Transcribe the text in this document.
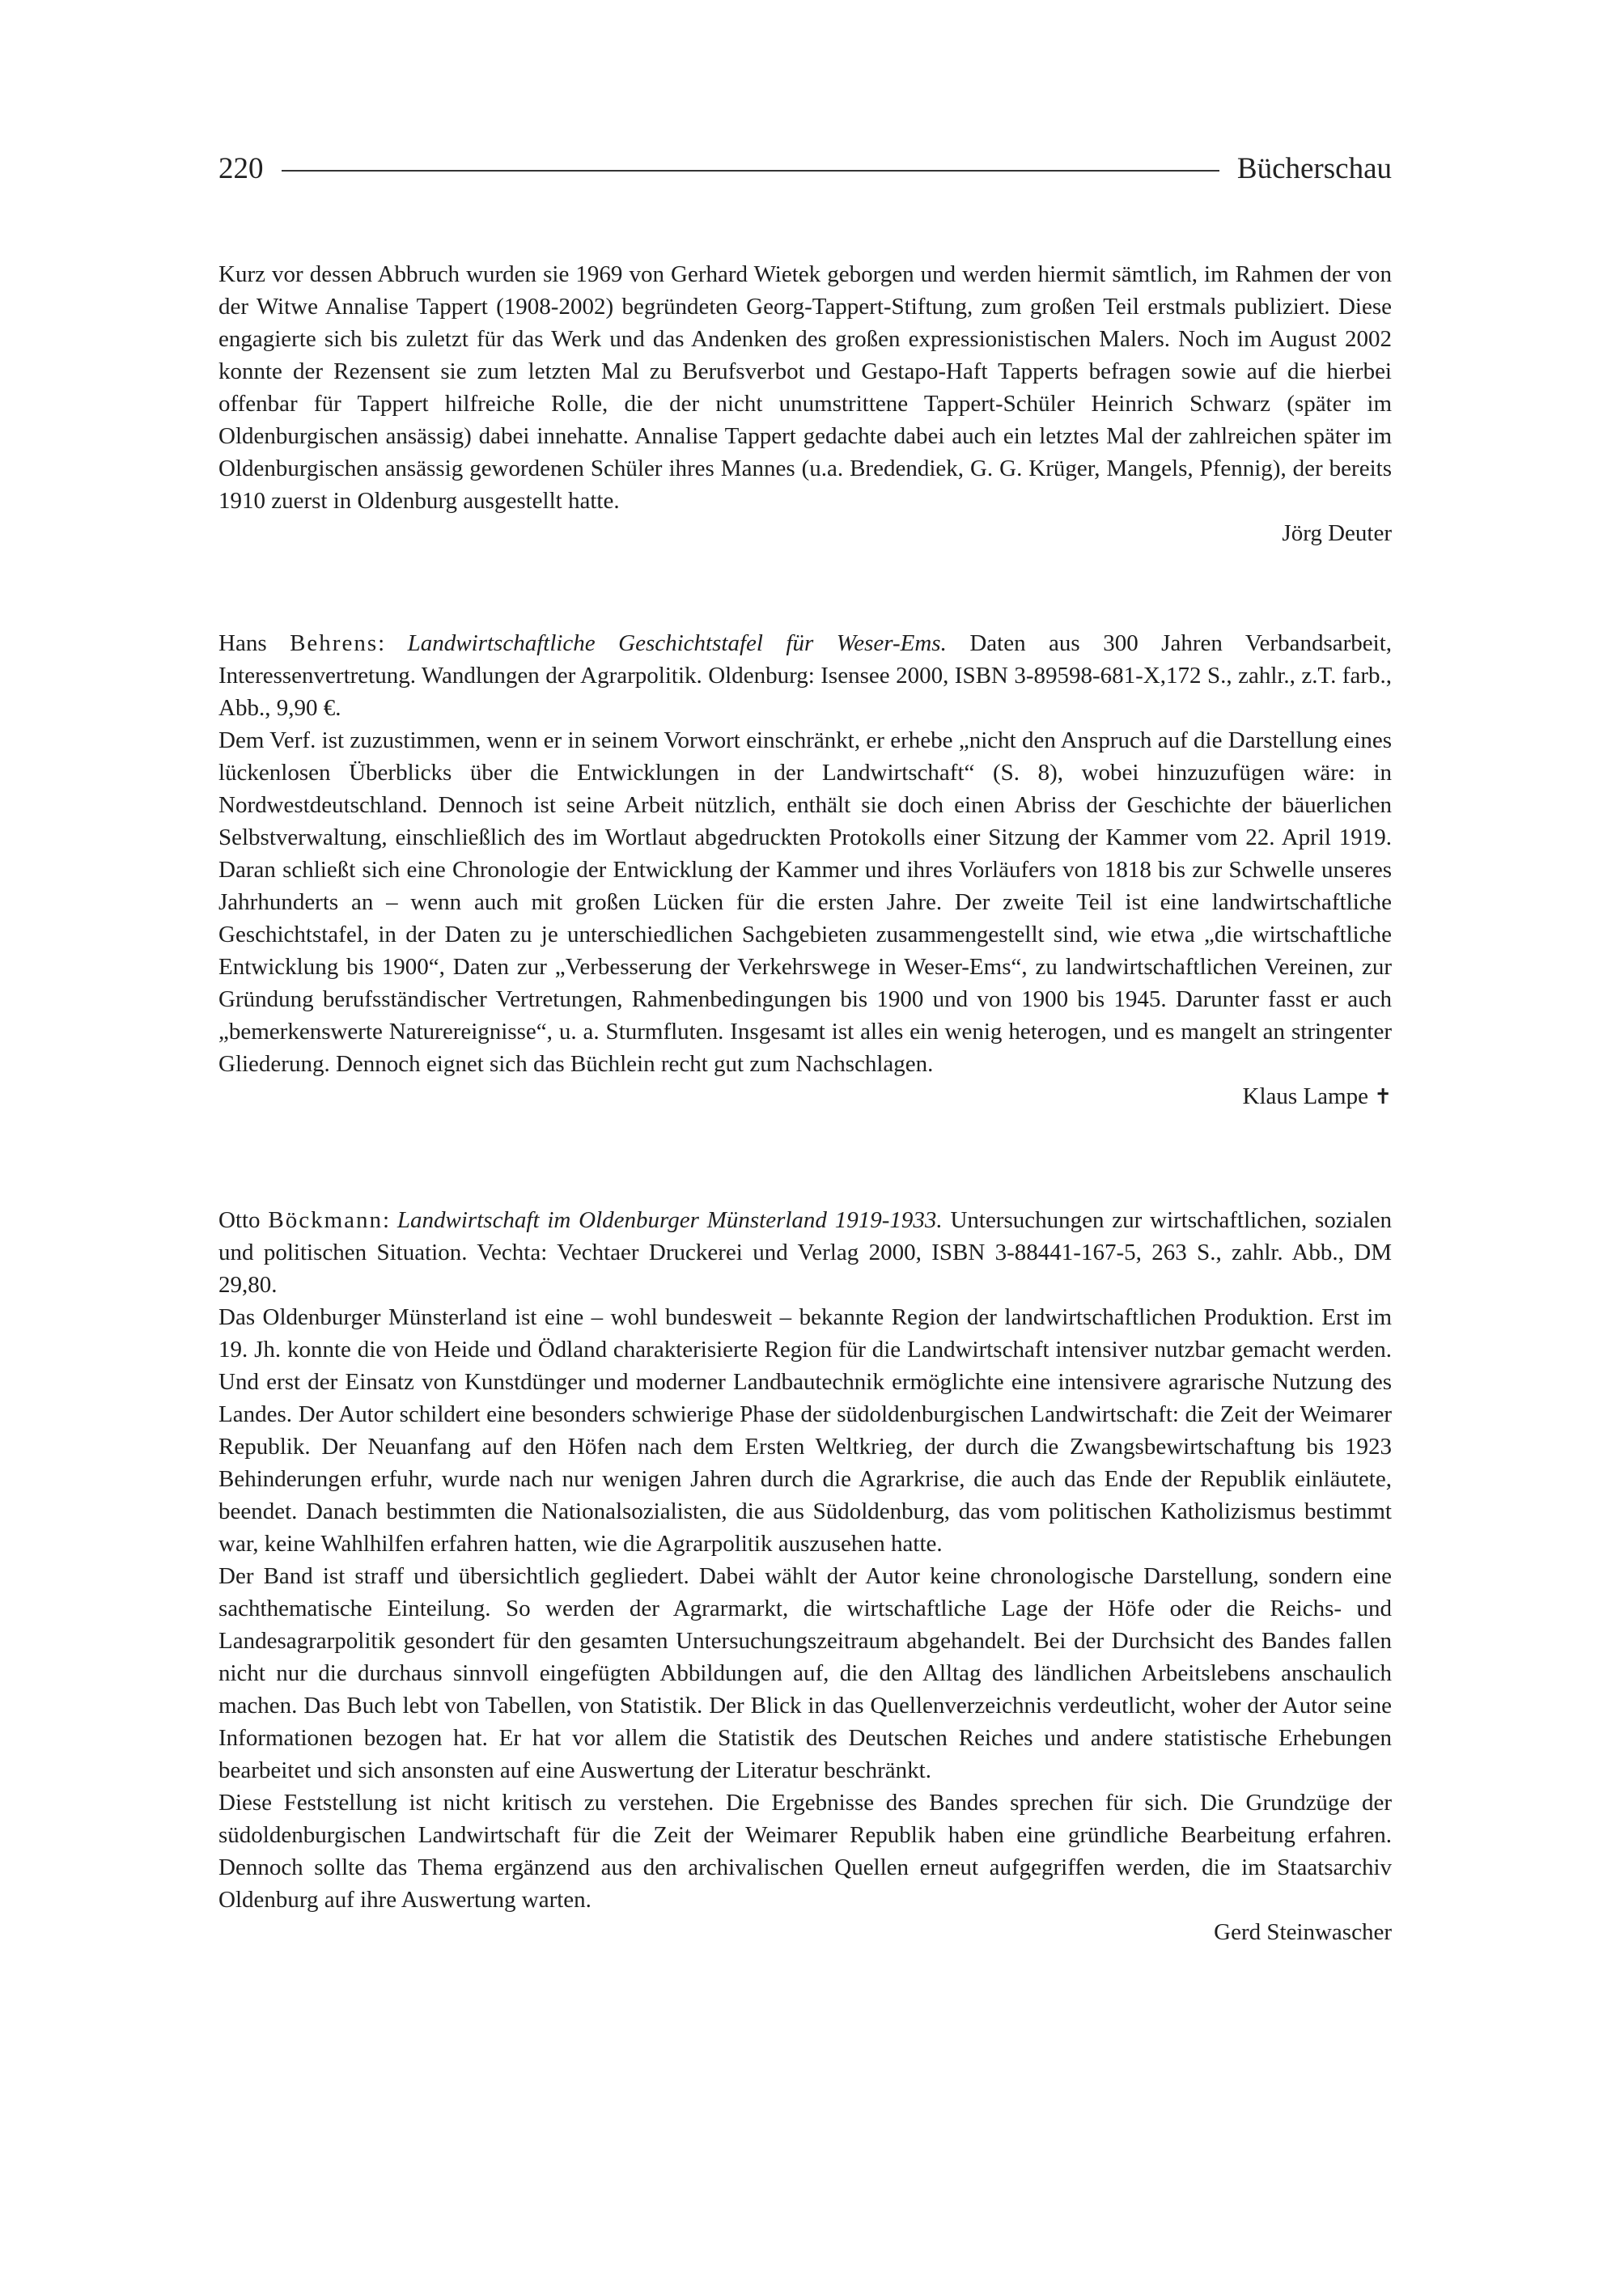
220	Bücherschau

Kurz vor dessen Abbruch wurden sie 1969 von Gerhard Wietek geborgen und werden hiermit sämtlich, im Rahmen der von der Witwe Annalise Tappert (1908-2002) begründeten Georg-Tappert-Stiftung, zum großen Teil erstmals publiziert. Diese engagierte sich bis zuletzt für das Werk und das Andenken des großen expressionistischen Malers. Noch im August 2002 konnte der Rezensent sie zum letzten Mal zu Berufsverbot und Gestapo-Haft Tapperts befragen sowie auf die hierbei offenbar für Tappert hilfreiche Rolle, die der nicht unumstrittene Tappert-Schüler Heinrich Schwarz (später im Oldenburgischen ansässig) dabei innehatte. Annalise Tappert gedachte dabei auch ein letztes Mal der zahlreichen später im Oldenburgischen ansässig gewordenen Schüler ihres Mannes (u.a. Bredendiek, G. G. Krüger, Mangels, Pfennig), der bereits 1910 zuerst in Oldenburg ausgestellt hatte.

Jörg Deuter

Hans Behrens: Landwirtschaftliche Geschichtstafel für Weser-Ems. Daten aus 300 Jahren Verbandsarbeit, Interessenvertretung. Wandlungen der Agrarpolitik. Oldenburg: Isensee 2000, ISBN 3-89598-681-X,172 S., zahlr., z.T. farb., Abb., 9,90 €.

Dem Verf. ist zuzustimmen, wenn er in seinem Vorwort einschränkt, er erhebe „nicht den Anspruch auf die Darstellung eines lückenlosen Überblicks über die Entwicklungen in der Landwirtschaft“ (S. 8), wobei hinzuzufügen wäre: in Nordwestdeutschland. Dennoch ist seine Arbeit nützlich, enthält sie doch einen Abriss der Geschichte der bäuerlichen Selbstverwaltung, einschließlich des im Wortlaut abgedruckten Protokolls einer Sitzung der Kammer vom 22. April 1919. Daran schließt sich eine Chronologie der Entwicklung der Kammer und ihres Vorläufers von 1818 bis zur Schwelle unseres Jahrhunderts an – wenn auch mit großen Lücken für die ersten Jahre. Der zweite Teil ist eine landwirtschaftliche Geschichtstafel, in der Daten zu je unterschiedlichen Sachgebieten zusammengestellt sind, wie etwa „die wirtschaftliche Entwicklung bis 1900“, Daten zur „Verbesserung der Verkehrswege in Weser-Ems“, zu landwirtschaftlichen Vereinen, zur Gründung berufsständischer Vertretungen, Rahmenbedingungen bis 1900 und von 1900 bis 1945. Darunter fasst er auch „bemerkenswerte Naturereignisse“, u. a. Sturmfluten. Insgesamt ist alles ein wenig heterogen, und es mangelt an stringenter Gliederung. Dennoch eignet sich das Büchlein recht gut zum Nachschlagen.

Klaus Lampe ✝

Otto Böckmann: Landwirtschaft im Oldenburger Münsterland 1919-1933. Untersuchungen zur wirtschaftlichen, sozialen und politischen Situation. Vechta: Vechtaer Druckerei und Verlag 2000, ISBN 3-88441-167-5, 263 S., zahlr. Abb., DM 29,80.

Das Oldenburger Münsterland ist eine – wohl bundesweit – bekannte Region der landwirtschaftlichen Produktion. Erst im 19. Jh. konnte die von Heide und Ödland charakterisierte Region für die Landwirtschaft intensiver nutzbar gemacht werden. Und erst der Einsatz von Kunstdünger und moderner Landbautechnik ermöglichte eine intensivere agrarische Nutzung des Landes. Der Autor schildert eine besonders schwierige Phase der südoldenburgischen Landwirtschaft: die Zeit der Weimarer Republik. Der Neuanfang auf den Höfen nach dem Ersten Weltkrieg, der durch die Zwangsbewirtschaftung bis 1923 Behinderungen erfuhr, wurde nach nur wenigen Jahren durch die Agrarkrise, die auch das Ende der Republik einläutete, beendet. Danach bestimmten die Nationalsozialisten, die aus Südoldenburg, das vom politischen Katholizismus bestimmt war, keine Wahlhilfen erfahren hatten, wie die Agrarpolitik auszusehen hatte.

Der Band ist straff und übersichtlich gegliedert. Dabei wählt der Autor keine chronologische Darstellung, sondern eine sachthematische Einteilung. So werden der Agrarmarkt, die wirtschaftliche Lage der Höfe oder die Reichs- und Landesagrarpolitik gesondert für den gesamten Untersuchungszeitraum abgehandelt. Bei der Durchsicht des Bandes fallen nicht nur die durchaus sinnvoll eingefügten Abbildungen auf, die den Alltag des ländlichen Arbeitslebens anschaulich machen. Das Buch lebt von Tabellen, von Statistik. Der Blick in das Quellenverzeichnis verdeutlicht, woher der Autor seine Informationen bezogen hat. Er hat vor allem die Statistik des Deutschen Reiches und andere statistische Erhebungen bearbeitet und sich ansonsten auf eine Auswertung der Literatur beschränkt.

Diese Feststellung ist nicht kritisch zu verstehen. Die Ergebnisse des Bandes sprechen für sich. Die Grundzüge der südoldenburgischen Landwirtschaft für die Zeit der Weimarer Republik haben eine gründliche Bearbeitung erfahren. Dennoch sollte das Thema ergänzend aus den archivalischen Quellen erneut aufgegriffen werden, die im Staatsarchiv Oldenburg auf ihre Auswertung warten.

Gerd Steinwascher
